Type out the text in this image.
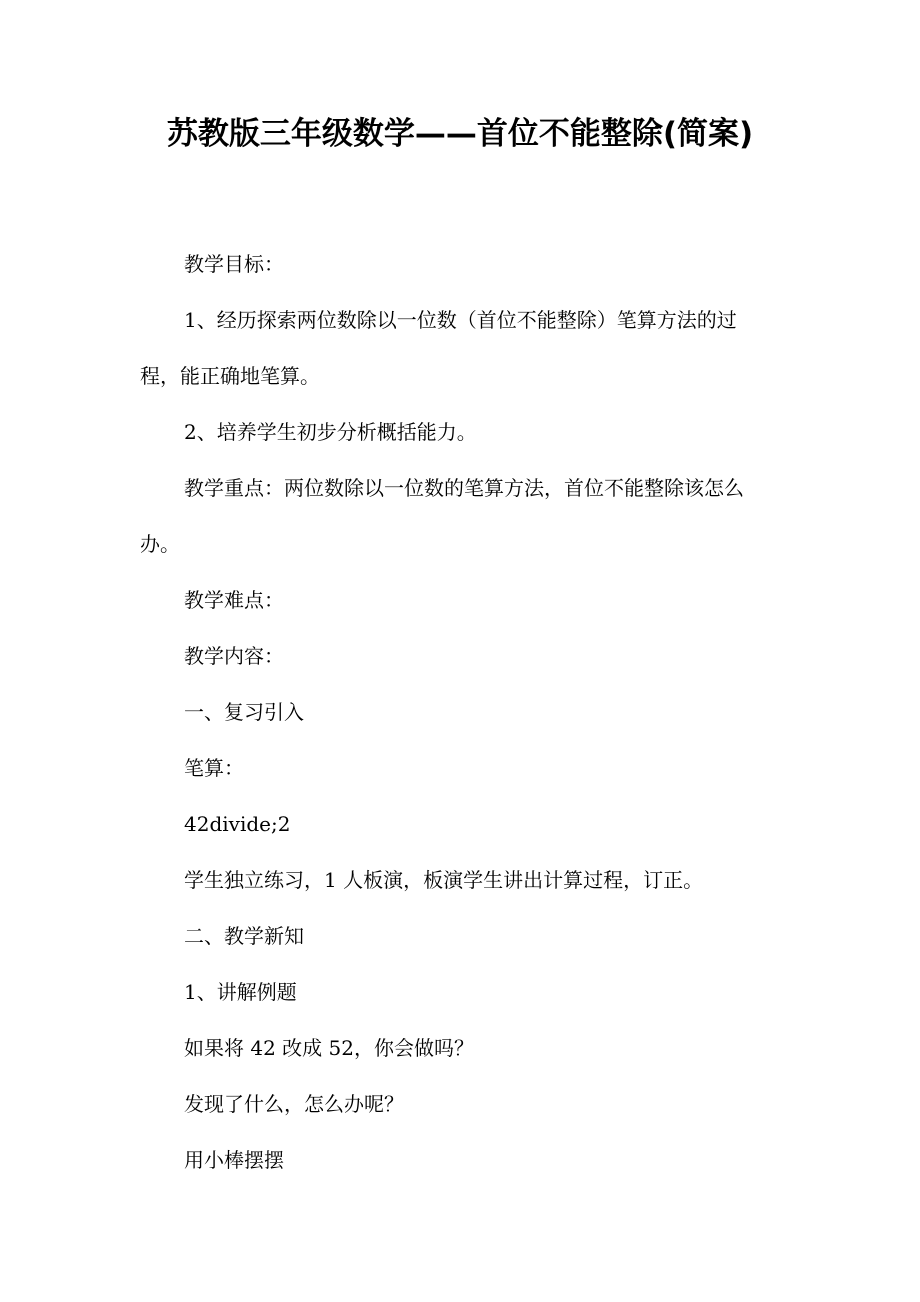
苏教版三年级数学——首位不能整除(简案)
教学目标：
1、经历探索两位数除以一位数（首位不能整除）笔算方法的过
程，能正确地笔算。
2、培养学生初步分析概括能力。
教学重点：两位数除以一位数的笔算方法，首位不能整除该怎么
办。
教学难点：
教学内容：
一、复习引入
笔算：
42divide;2
学生独立练习，1 人板演，板演学生讲出计算过程，订正。
二、教学新知
1、讲解例题
如果将 42 改成 52，你会做吗？
发现了什么，怎么办呢？
用小棒摆摆
